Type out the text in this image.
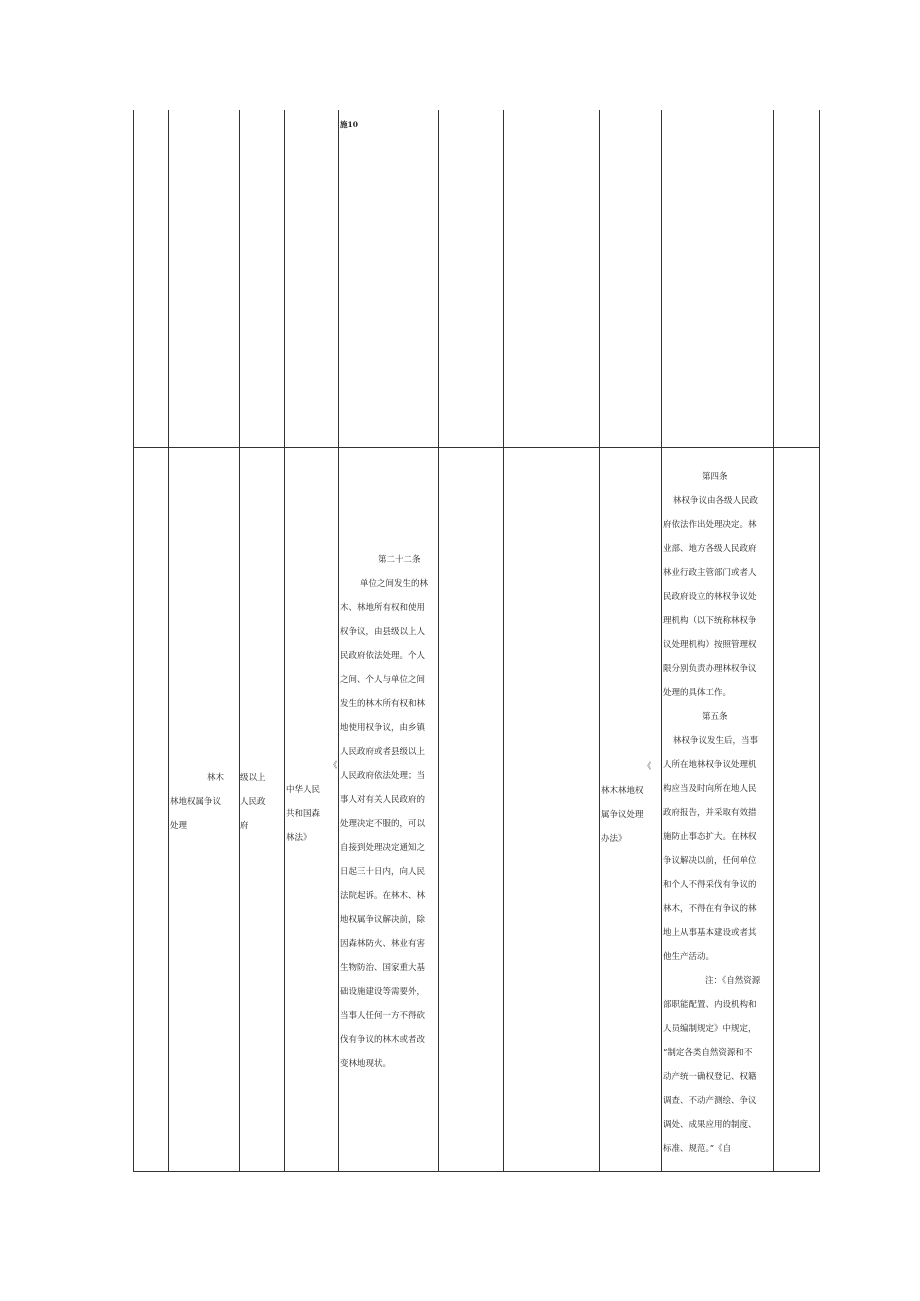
施10
林木
林地权属争议
处理
级以上
人民政
府
《
中华人民
共和国森
林法》
第二十二条
单位之间发生的林
木、林地所有权和使用
权争议，由县级以上人
民政府依法处理。个人
之间、个人与单位之间
发生的林木所有权和林
地使用权争议，由乡镇
人民政府或者县级以上
人民政府依法处理；当
事人对有关人民政府的
处理决定不服的，可以
自接到处理决定通知之
日起三十日内，向人民
法院起诉。在林木、林
地权属争议解决前，除
因森林防火、林业有害
生物防治、国家重大基
础设施建设等需要外，
当事人任何一方不得砍
伐有争议的林木或者改
变林地现状。
《
林木林地权
属争议处理
办法》
第四条
林权争议由各级人民政
府依法作出处理决定。林
业部、地方各级人民政府
林业行政主管部门或者人
民政府设立的林权争议处
理机构（以下统称林权争
议处理机构）按照管理权
限分别负责办理林权争议
处理的具体工作。
第五条
林权争议发生后，当事
人所在地林权争议处理机
构应当及时向所在地人民
政府报告，并采取有效措
施防止事态扩大。在林权
争议解决以前，任何单位
和个人不得采伐有争议的
林木，不得在有争议的林
地上从事基本建设或者其
他生产活动。
注：《自然资源
部职能配置、内设机构和
人员编制规定》中规定，
“制定各类自然资源和不
动产统一确权登记、权籍
调查、不动产测绘、争议
调处、成果应用的制度、
标准、规范。”《自
